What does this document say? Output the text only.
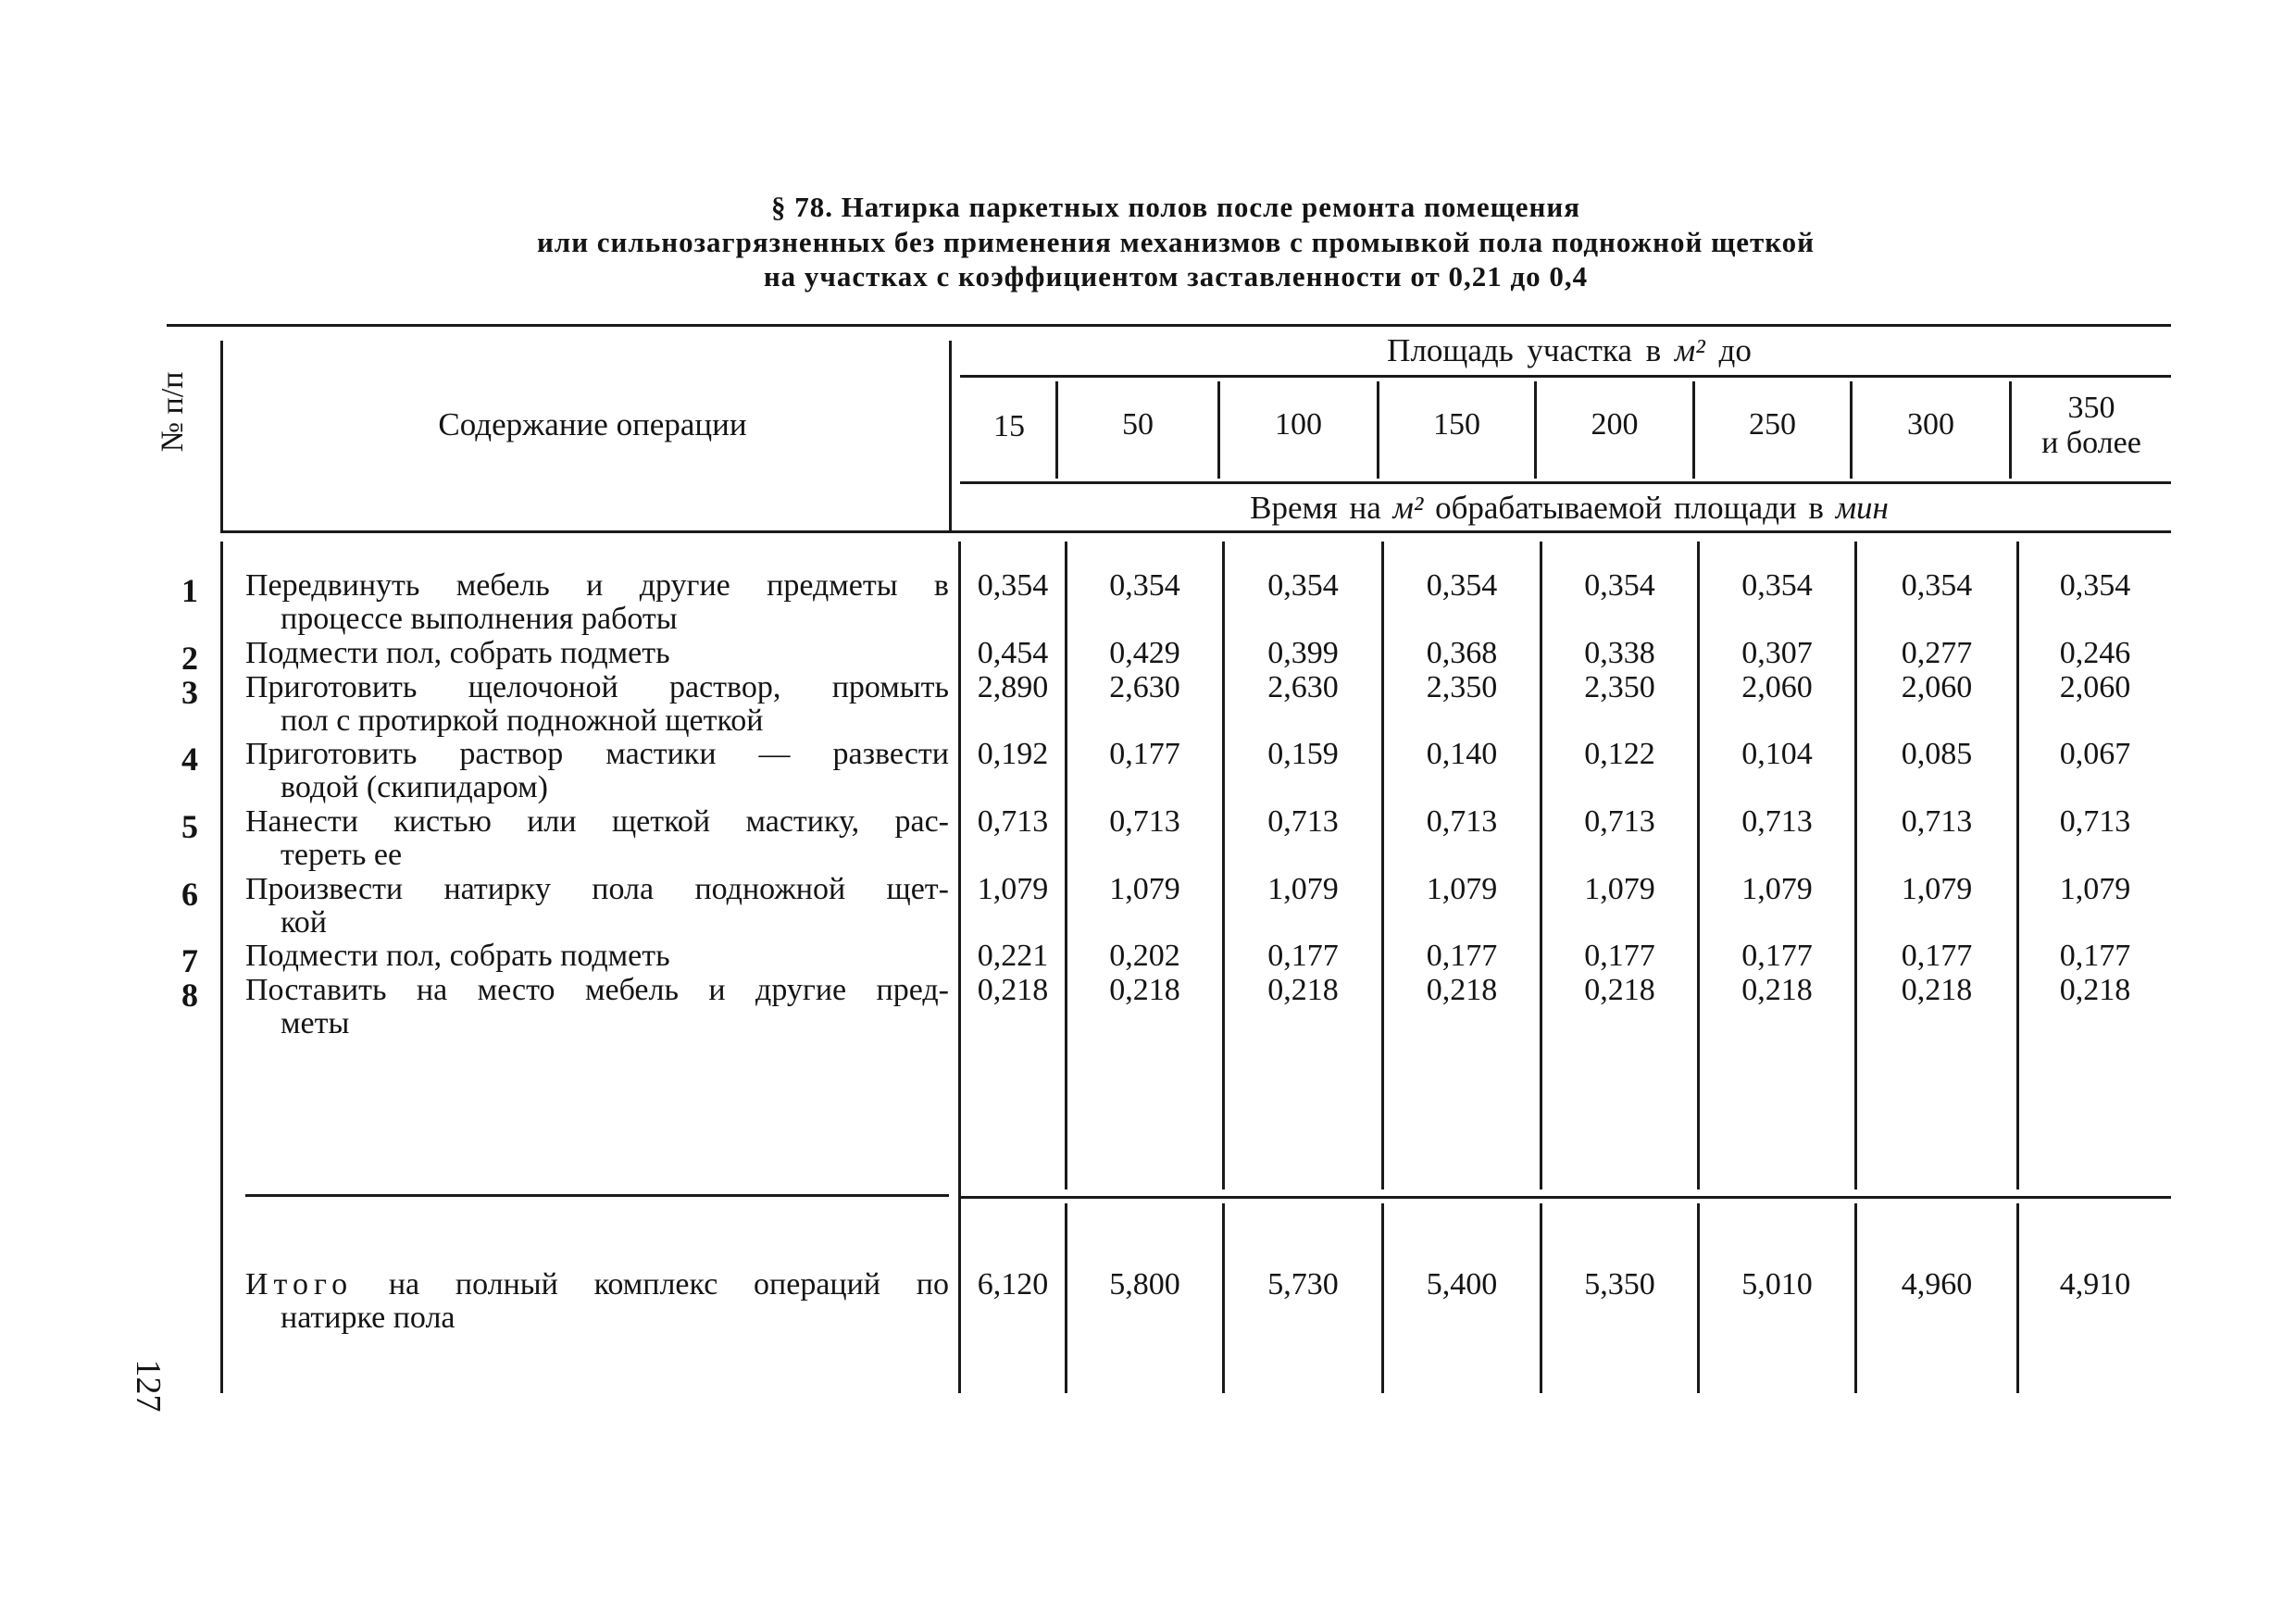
§ 78. Натирка паркетных полов после ремонта помещения
или сильнозагрязненных без применения механизмов с промывкой пола подножной щеткой
на участках с коэффициентом заставленности от 0,21 до 0,4
№ п/п	Содержание операции
Площадь участка в м² до
15	50	100	150	200	250	300	350
и более
Время на м² обрабатываемой площади в мин
1	Передвинуть мебель и другие предметы в
процессе выполнения работы
0,354	0,354	0,354	0,354	0,354	0,354	0,354	0,354
2	Подмести пол, собрать подметь	0,454	0,429	0,399	0,368	0,338	0,307	0,277	0,246
3	Приготовить щелочоной раствор, промыть
пол с протиркой подножной щеткой
2,890	2,630	2,630	2,350	2,350	2,060	2,060	2,060
4	Приготовить раствор мастики — развести
водой (скипидаром)
0,192	0,177	0,159	0,140	0,122	0,104	0,085	0,067
5	Нанести кистью или щеткой мастику, рас-
тереть ее
0,713	0,713	0,713	0,713	0,713	0,713	0,713	0,713
6	Произвести натирку пола подножной щет-
кой
1,079	1,079	1,079	1,079	1,079	1,079	1,079	1,079
7	Подмести пол, собрать подметь	0,221	0,202	0,177	0,177	0,177	0,177	0,177	0,177
8	Поставить на место мебель и другие пред-
меты
0,218	0,218	0,218	0,218	0,218	0,218	0,218	0,218
Итого на полный комплекс операций по
натирке пола
6,120	5,800	5,730	5,400	5,350	5,010	4,960	4,910
127
